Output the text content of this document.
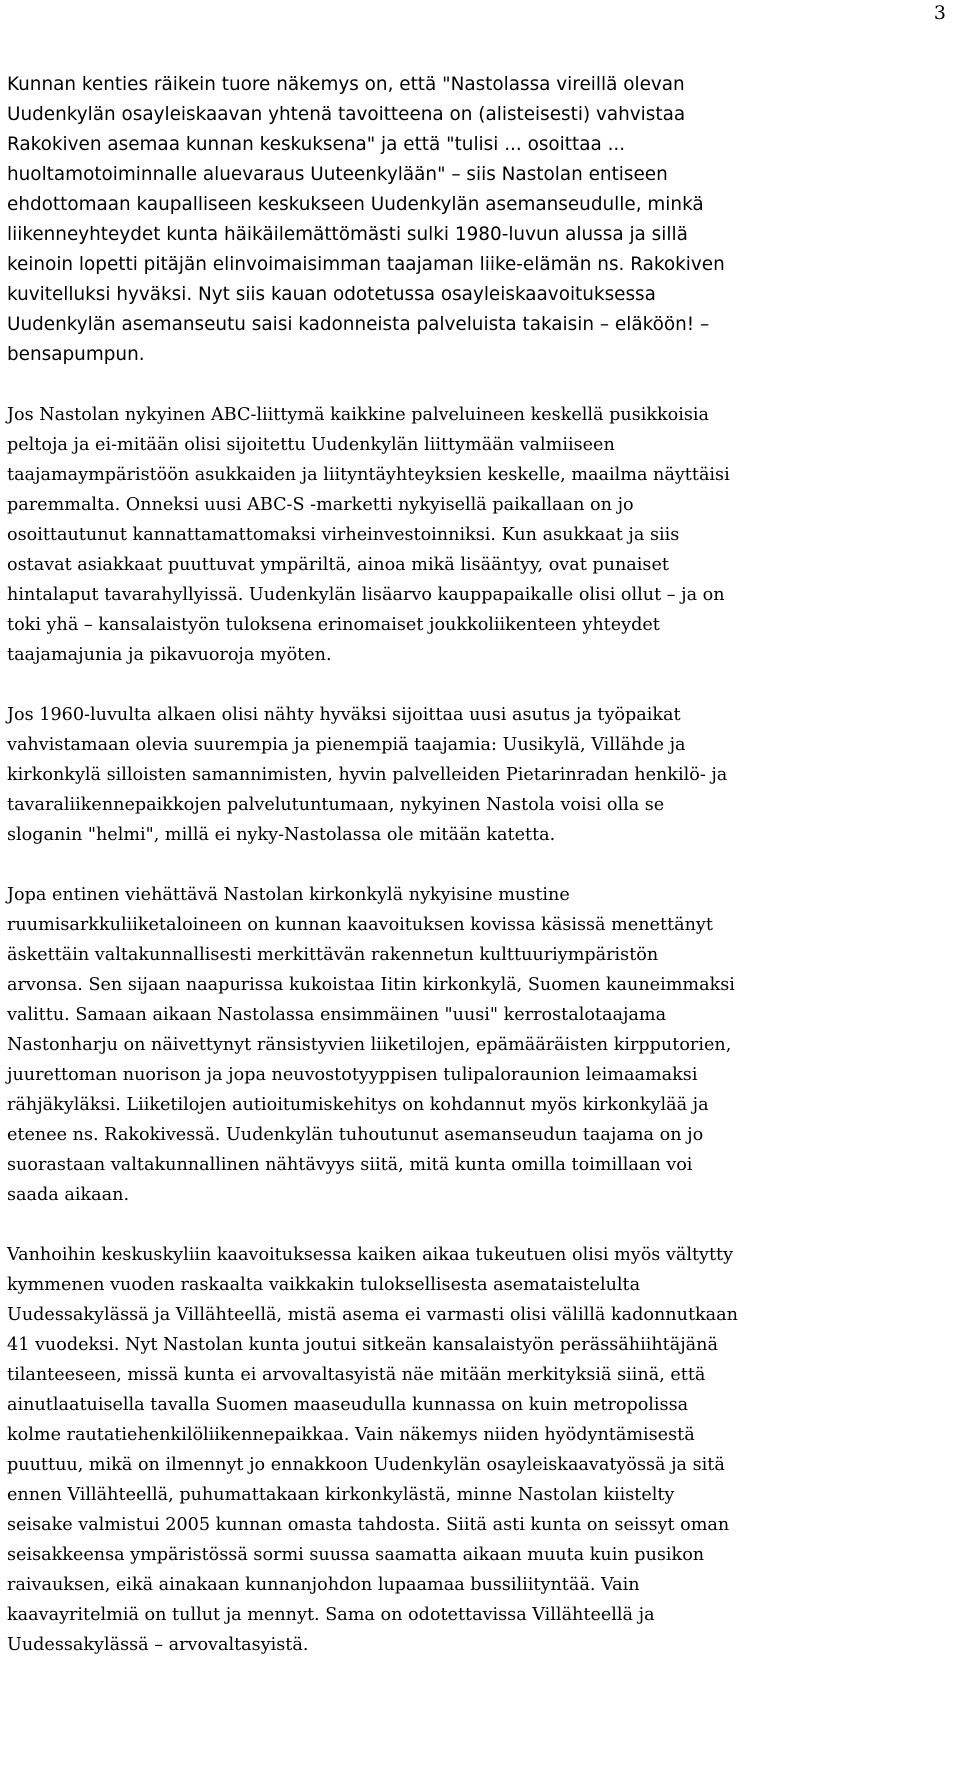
3

Kunnan kenties räikein tuore näkemys on, että "Nastolassa vireillä olevan
Uudenkylän osayleiskaavan yhtenä tavoitteena on (alisteisesti) vahvistaa
Rakokiven asemaa kunnan keskuksena" ja että "tulisi ... osoittaa ...
huoltamotoiminnalle aluevaraus Uuteenkylään" – siis Nastolan entiseen
ehdottomaan kaupalliseen keskukseen Uudenkylän asemanseudulle, minkä
liikenneyhteydet kunta häikäilemättömästi sulki 1980-luvun alussa ja sillä
keinoin lopetti pitäjän elinvoimaisimman taajaman liike-elämän ns. Rakokiven
kuvitelluksi hyväksi. Nyt siis kauan odotetussa osayleiskaavoituksessa
Uudenkylän asemanseutu saisi kadonneista palveluista takaisin – eläköön! –
bensapumpun.

Jos Nastolan nykyinen ABC-liittymä kaikkine palveluineen keskellä pusikkoisia
peltoja ja ei-mitään olisi sijoitettu Uudenkylän liittymään valmiiseen
taajamaympäristöön asukkaiden ja liityntäyhteyksien keskelle, maailma näyttäisi
paremmalta. Onneksi uusi ABC-S -marketti nykyisellä paikallaan on jo
osoittautunut kannattamattomaksi virheinvestoinniksi. Kun asukkaat ja siis
ostavat asiakkaat puuttuvat ympäriltä, ainoa mikä lisääntyy, ovat punaiset
hintalaput tavarahyllyissä. Uudenkylän lisäarvo kauppapaikalle olisi ollut – ja on
toki yhä – kansalaistyön tuloksena erinomaiset joukkoliikenteen yhteydet
taajamajunia ja pikavuoroja myöten.

Jos 1960-luvulta alkaen olisi nähty hyväksi sijoittaa uusi asutus ja työpaikat
vahvistamaan olevia suurempia ja pienempiä taajamia: Uusikylä, Villähde ja
kirkonkylä silloisten samannimisten, hyvin palvelleiden Pietarinradan henkilö- ja
tavaraliikennepaikkojen palvelutuntumaan, nykyinen Nastola voisi olla se
sloganin "helmi", millä ei nyky-Nastolassa ole mitään katetta.

Jopa entinen viehättävä Nastolan kirkonkylä nykyisine mustine
ruumisarkkuliiketaloineen on kunnan kaavoituksen kovissa käsissä menettänyt
äskettäin valtakunnallisesti merkittävän rakennetun kulttuuriympäristön
arvonsa. Sen sijaan naapurissa kukoistaa Iitin kirkonkylä, Suomen kauneimmaksi
valittu. Samaan aikaan Nastolassa ensimmäinen "uusi" kerrostalotaajama
Nastonharju on näivettynyt ränsistyvien liiketilojen, epämääräisten kirpputorien,
juurettoman nuorison ja jopa neuvostotyyppisen tulipaloraunion leimaamaksi
rähjäkyläksi. Liiketilojen autioitumiskehitys on kohdannut myös kirkonkylää ja
etenee ns. Rakokivessä. Uudenkylän tuhoutunut asemanseudun taajama on jo
suorastaan valtakunnallinen nähtävyys siitä, mitä kunta omilla toimillaan voi
saada aikaan.

Vanhoihin keskuskyliin kaavoituksessa kaiken aikaa tukeutuen olisi myös vältytty
kymmenen vuoden raskaalta vaikkakin tuloksellisesta asemataistelulta
Uudessakylässä ja Villähteellä, mistä asema ei varmasti olisi välillä kadonnutkaan
41 vuodeksi. Nyt Nastolan kunta joutui sitkeän kansalaistyön perässähiihtäjänä
tilanteeseen, missä kunta ei arvovaltasyistä näe mitään merkityksiä siinä, että
ainutlaatuisella tavalla Suomen maaseudulla kunnassa on kuin metropolissa
kolme rautatiehenkilöliikennepaikkaa. Vain näkemys niiden hyödyntämisestä
puuttuu, mikä on ilmennyt jo ennakkoon Uudenkylän osayleiskaavatyössä ja sitä
ennen Villähteellä, puhumattakaan kirkonkylästä, minne Nastolan kiistelty
seisake valmistui 2005 kunnan omasta tahdosta. Siitä asti kunta on seissyt oman
seisakkeensa ympäristössä sormi suussa saamatta aikaan muuta kuin pusikon
raivauksen, eikä ainakaan kunnanjohdon lupaamaa bussiliityntää. Vain
kaavayritelmiä on tullut ja mennyt. Sama on odotettavissa Villähteellä ja
Uudessakylässä – arvovaltasyistä.
